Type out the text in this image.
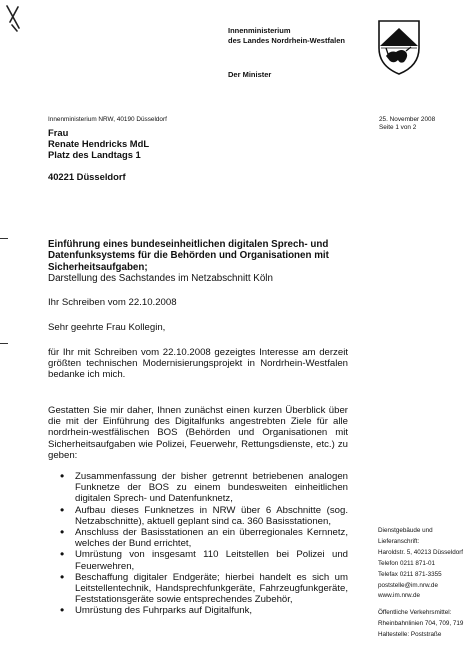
Innenministerium
des Landes Nordrhein-Westfalen
Der Minister
Innenministerium NRW, 40190 Düsseldorf	25. November 2008
Seite 1 von 2
Frau
Renate Hendricks MdL
Platz des Landtags 1
40221 Düsseldorf
Einführung eines bundeseinheitlichen digitalen Sprech- und Datenfunksystems für die Behörden und Organisationen mit Sicherheitsaufgaben;
Darstellung des Sachstandes im Netzabschnitt Köln
Ihr Schreiben vom 22.10.2008
Sehr geehrte Frau Kollegin,
für Ihr mit Schreiben vom 22.10.2008 gezeigtes Interesse am derzeit größten technischen Modernisierungsprojekt in Nordrhein-Westfalen bedanke ich mich.
Gestatten Sie mir daher, Ihnen zunächst einen kurzen Überblick über die mit der Einführung des Digitalfunks angestrebten Ziele für alle nordrhein-westfälischen BOS (Behörden und Organisationen mit Sicherheitsaufgaben wie Polizei, Feuerwehr, Rettungsdienste, etc.) zu geben:
• Zusammenfassung der bisher getrennt betriebenen analogen Funknetze der BOS zu einem bundesweiten einheitlichen digitalen Sprech- und Datenfunknetz,
• Aufbau dieses Funknetzes in NRW über 6 Abschnitte (sog. Netzabschnitte), aktuell geplant sind ca. 360 Basisstationen,
• Anschluss der Basisstationen an ein überregionales Kernnetz, welches der Bund errichtet,
• Umrüstung von insgesamt 110 Leitstellen bei Polizei und Feuerwehren,
• Beschaffung digitaler Endgeräte; hierbei handelt es sich um Leitstellentechnik, Handsprechfunkgeräte, Fahrzeugfunkgeräte, Feststationsgeräte sowie entsprechendes Zubehör,
• Umrüstung des Fuhrparks auf Digitalfunk,
Dienstgebäude und
Lieferanschrift:
Haroldstr. 5, 40213 Düsseldorf
Telefon 0211 871-01
Telefax 0211 871-3355
poststelle@im.nrw.de
www.im.nrw.de
Öffentliche Verkehrsmittel:
Rheinbahnlinien 704, 709, 719
Haltestelle: Poststraße
